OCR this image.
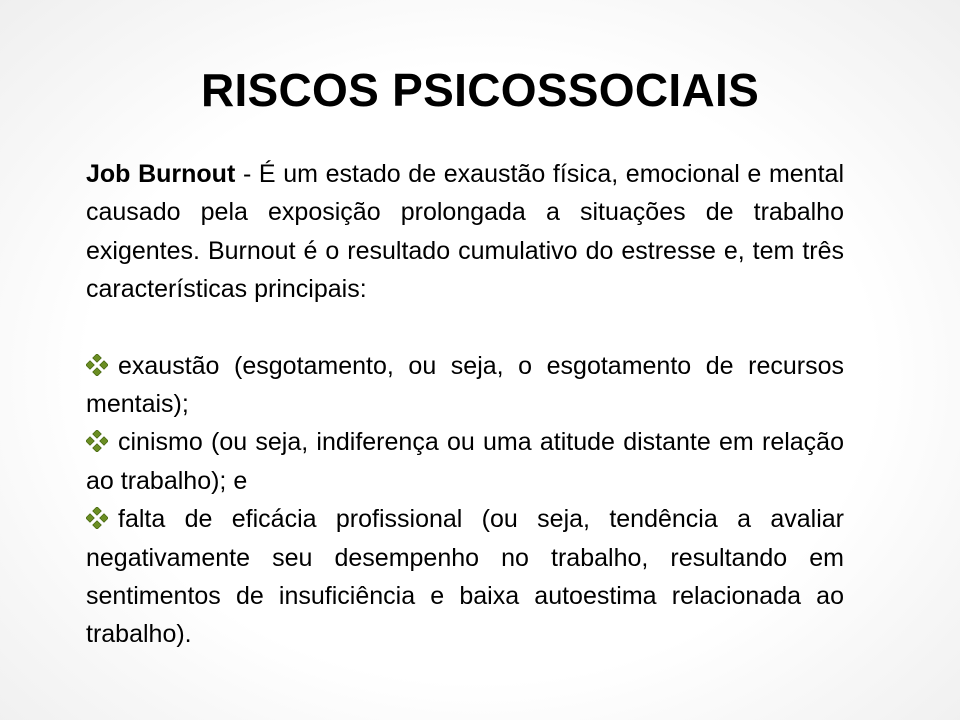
RISCOS PSICOSSOCIAIS

Job Burnout - É um estado de exaustão física, emocional e mental causado pela exposição prolongada a situações de trabalho exigentes. Burnout é o resultado cumulativo do estresse e, tem três características principais:

exaustão (esgotamento, ou seja, o esgotamento de recursos mentais);

cinismo (ou seja, indiferença ou uma atitude distante em relação ao trabalho); e

falta de eficácia profissional (ou seja, tendência a avaliar negativamente seu desempenho no trabalho, resultando em sentimentos de insuficiência e baixa autoestima relacionada ao trabalho).
